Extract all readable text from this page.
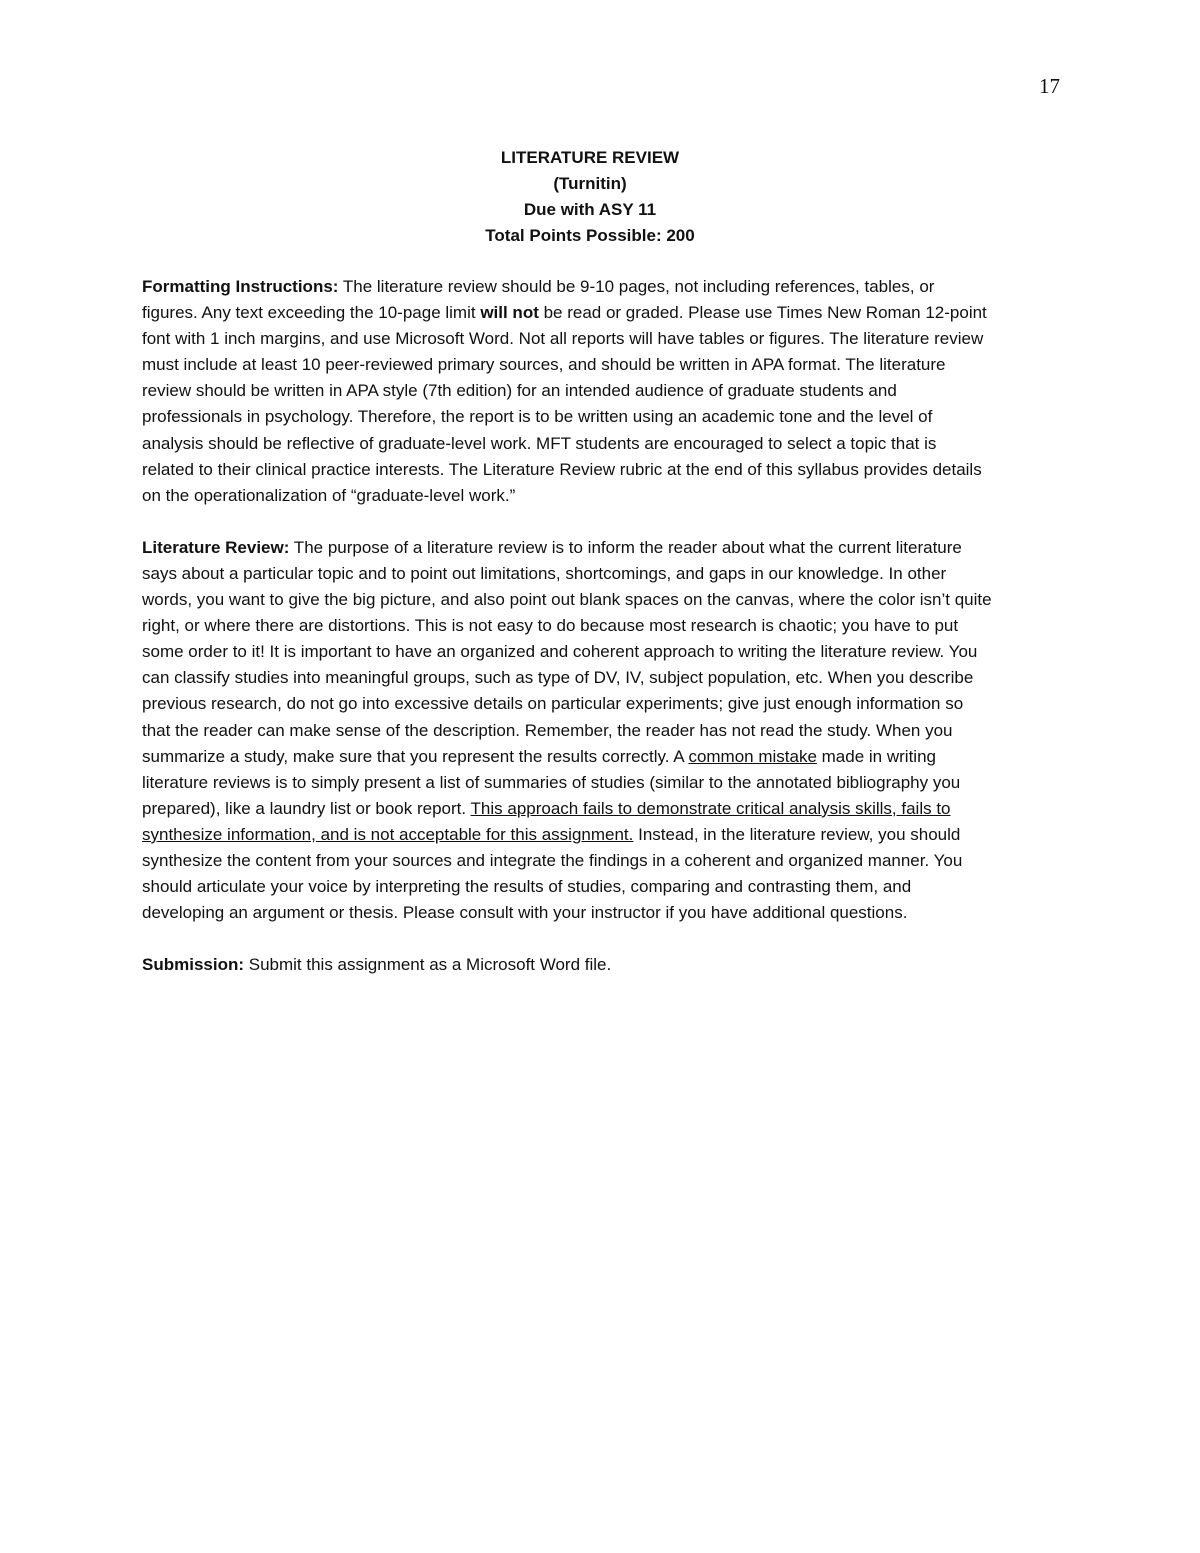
17
LITERATURE REVIEW
(Turnitin)
Due with ASY 11
Total Points Possible: 200

Formatting Instructions: The literature review should be 9-10 pages, not including references, tables, or figures. Any text exceeding the 10-page limit will not be read or graded. Please use Times New Roman 12-point font with 1 inch margins, and use Microsoft Word. Not all reports will have tables or figures. The literature review must include at least 10 peer-reviewed primary sources, and should be written in APA format. The literature review should be written in APA style (7th edition) for an intended audience of graduate students and professionals in psychology. Therefore, the report is to be written using an academic tone and the level of analysis should be reflective of graduate-level work. MFT students are encouraged to select a topic that is related to their clinical practice interests. The Literature Review rubric at the end of this syllabus provides details on the operationalization of “graduate-level work.”

Literature Review: The purpose of a literature review is to inform the reader about what the current literature says about a particular topic and to point out limitations, shortcomings, and gaps in our knowledge. In other words, you want to give the big picture, and also point out blank spaces on the canvas, where the color isn’t quite right, or where there are distortions. This is not easy to do because most research is chaotic; you have to put some order to it! It is important to have an organized and coherent approach to writing the literature review. You can classify studies into meaningful groups, such as type of DV, IV, subject population, etc. When you describe previous research, do not go into excessive details on particular experiments; give just enough information so that the reader can make sense of the description. Remember, the reader has not read the study. When you summarize a study, make sure that you represent the results correctly. A common mistake made in writing literature reviews is to simply present a list of summaries of studies (similar to the annotated bibliography you prepared), like a laundry list or book report. This approach fails to demonstrate critical analysis skills, fails to synthesize information, and is not acceptable for this assignment. Instead, in the literature review, you should synthesize the content from your sources and integrate the findings in a coherent and organized manner. You should articulate your voice by interpreting the results of studies, comparing and contrasting them, and developing an argument or thesis. Please consult with your instructor if you have additional questions.

Submission: Submit this assignment as a Microsoft Word file.
